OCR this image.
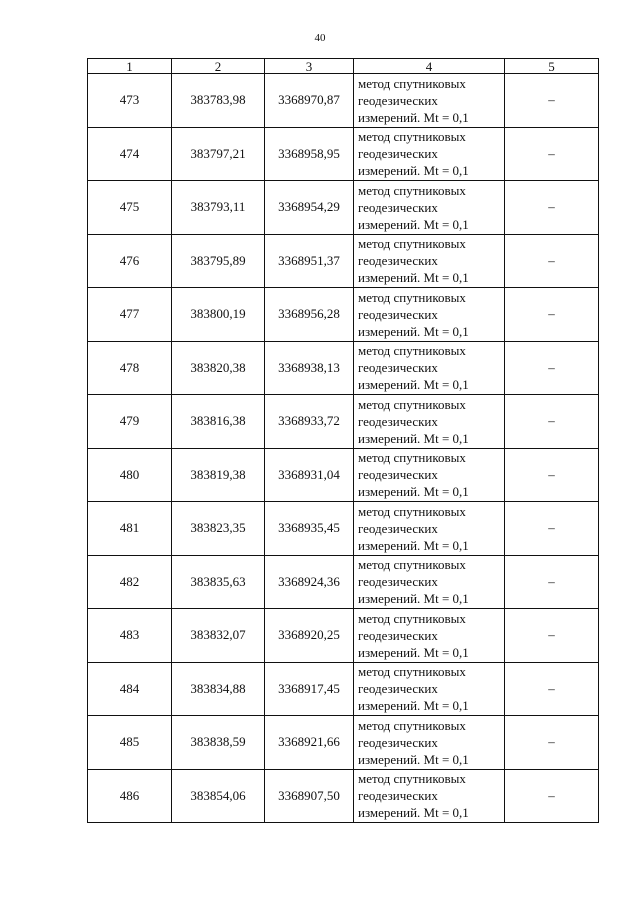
40
1	2	3	4	5
473	383783,98	3368970,87	метод спутниковых
геодезических
измерений. Mt = 0,1	–
474	383797,21	3368958,95	метод спутниковых
геодезических
измерений. Mt = 0,1	–
475	383793,11	3368954,29	метод спутниковых
геодезических
измерений. Mt = 0,1	–
476	383795,89	3368951,37	метод спутниковых
геодезических
измерений. Mt = 0,1	–
477	383800,19	3368956,28	метод спутниковых
геодезических
измерений. Mt = 0,1	–
478	383820,38	3368938,13	метод спутниковых
геодезических
измерений. Mt = 0,1	–
479	383816,38	3368933,72	метод спутниковых
геодезических
измерений. Mt = 0,1	–
480	383819,38	3368931,04	метод спутниковых
геодезических
измерений. Mt = 0,1	–
481	383823,35	3368935,45	метод спутниковых
геодезических
измерений. Mt = 0,1	–
482	383835,63	3368924,36	метод спутниковых
геодезических
измерений. Mt = 0,1	–
483	383832,07	3368920,25	метод спутниковых
геодезических
измерений. Mt = 0,1	–
484	383834,88	3368917,45	метод спутниковых
геодезических
измерений. Mt = 0,1	–
485	383838,59	3368921,66	метод спутниковых
геодезических
измерений. Mt = 0,1	–
486	383854,06	3368907,50	метод спутниковых
геодезических
измерений. Mt = 0,1	–
